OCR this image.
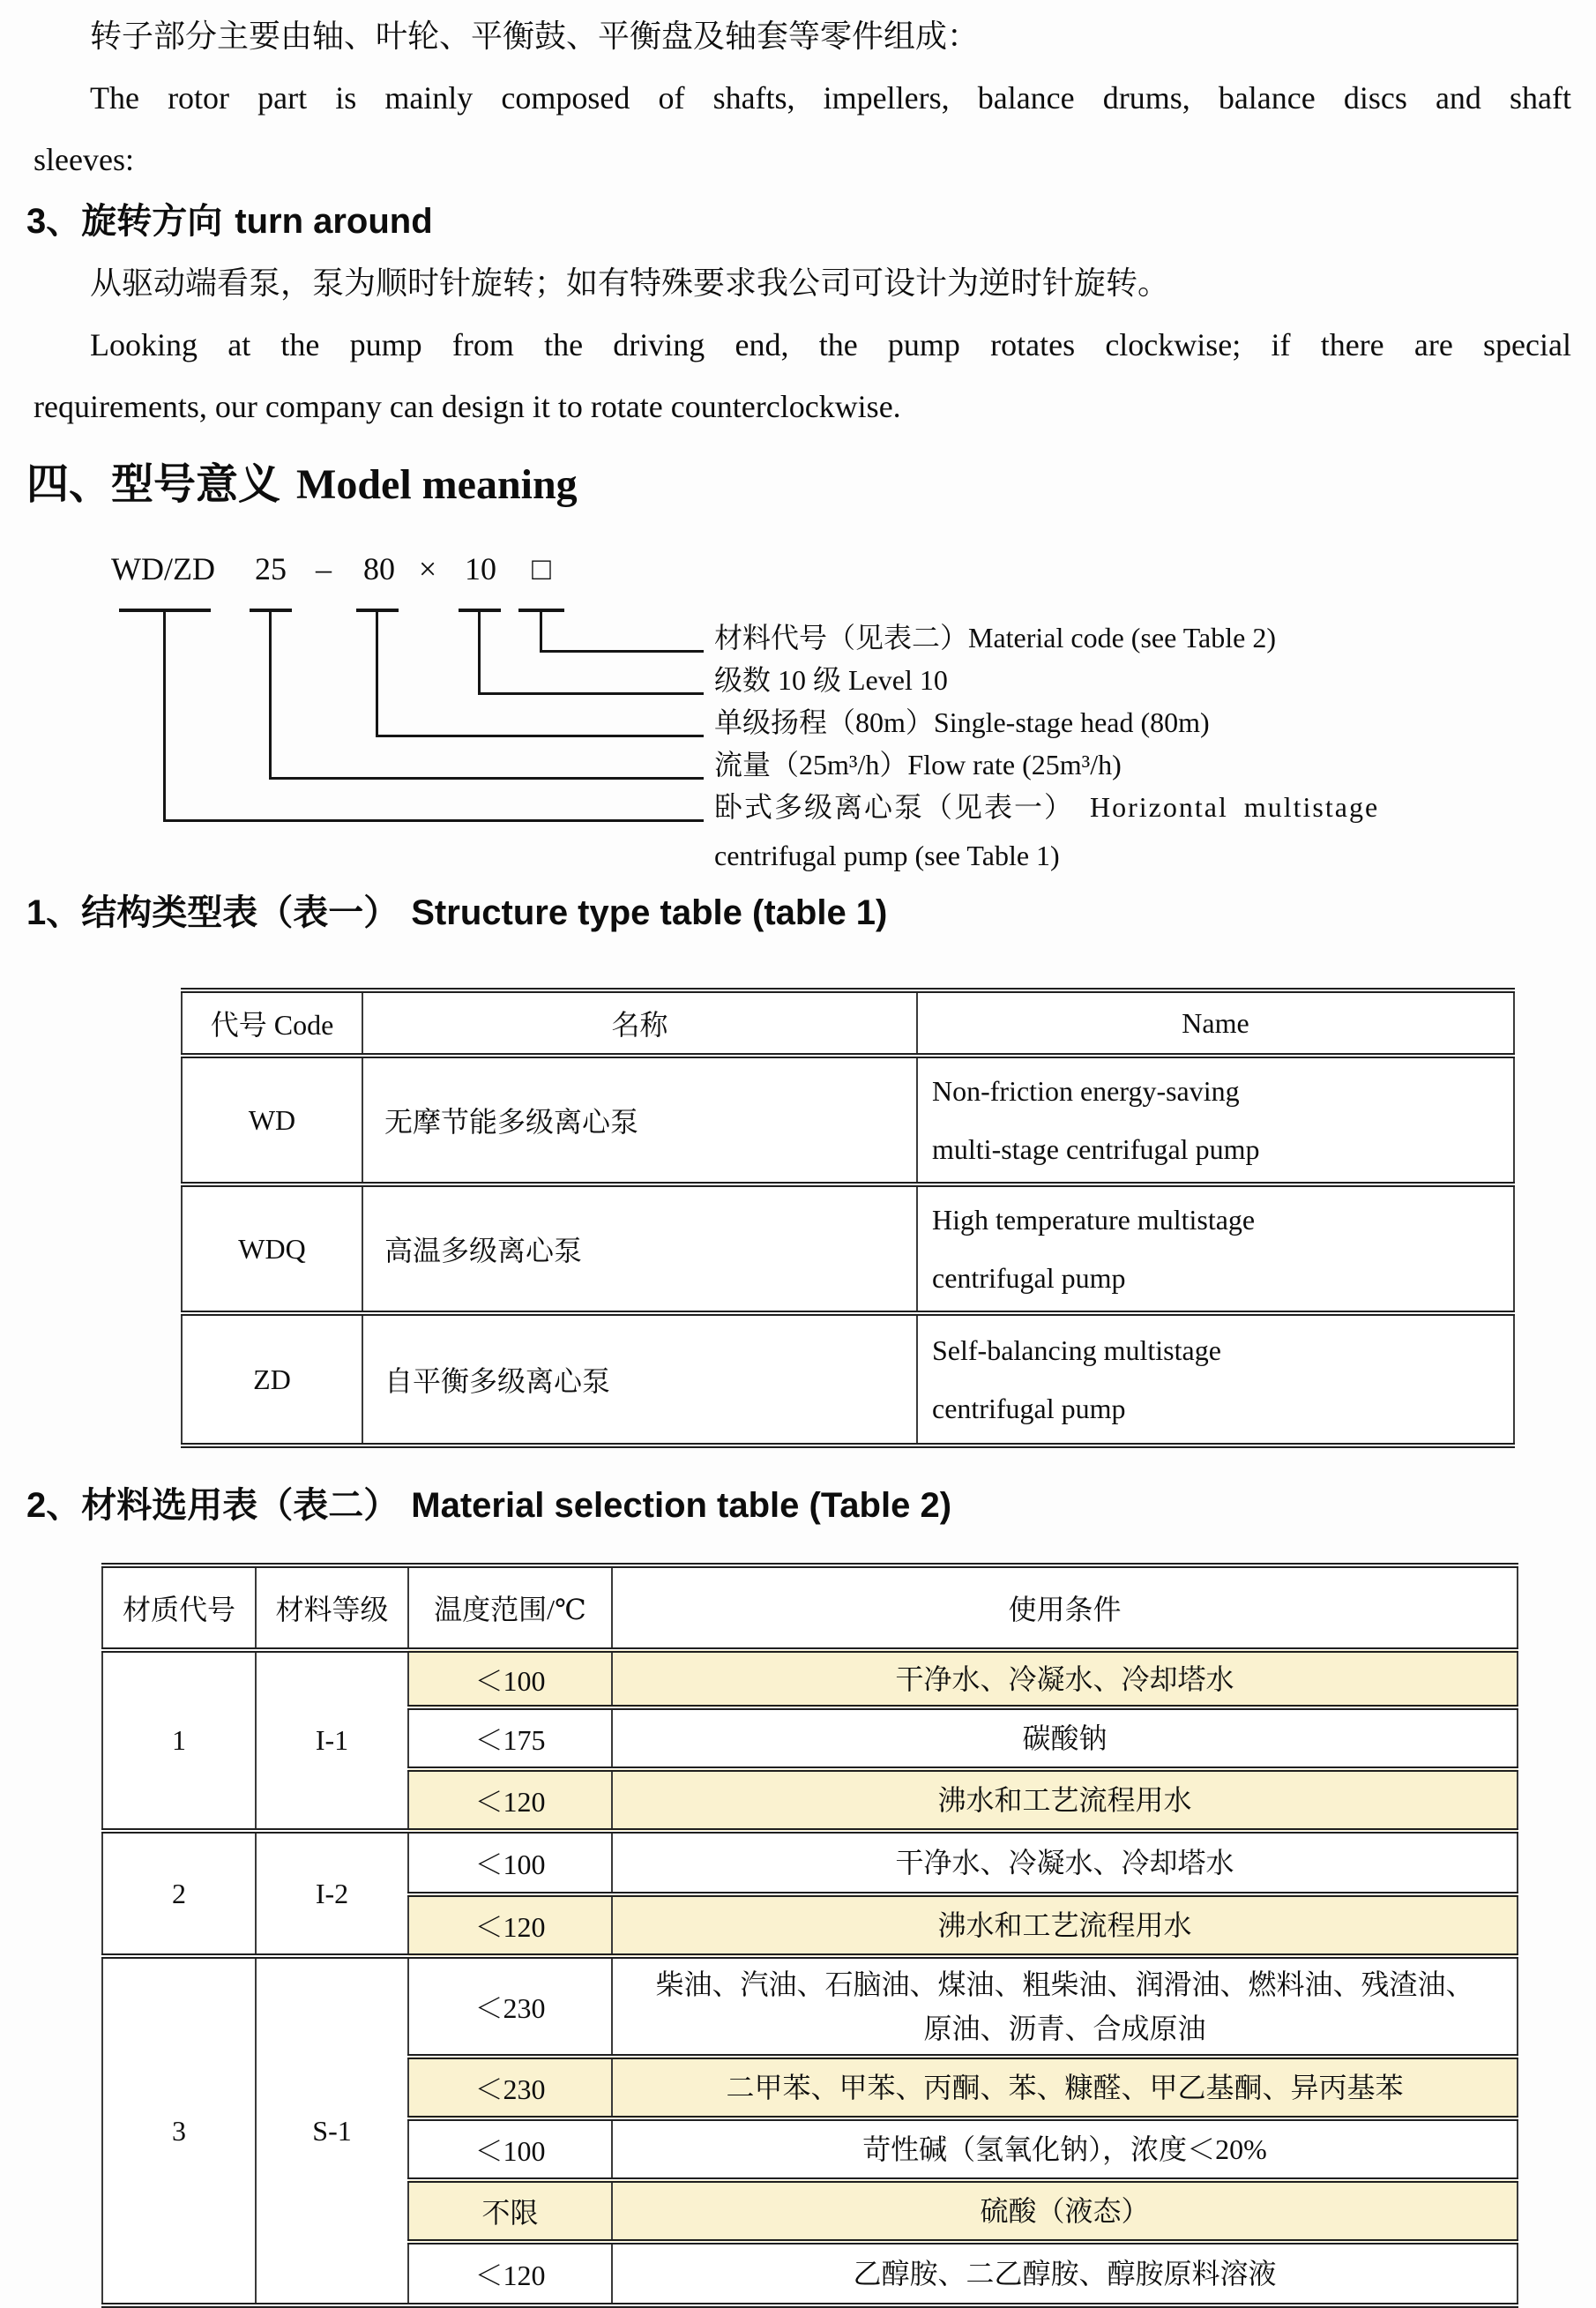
转子部分主要由轴、叶轮、平衡鼓、平衡盘及轴套等零件组成：
The rotor part is mainly composed of shafts, impellers, balance drums, balance discs and shaft
sleeves:
3、旋转方向 turn around
从驱动端看泵，泵为顺时针旋转；如有特殊要求我公司可设计为逆时针旋转。
Looking at the pump from the driving end, the pump rotates clockwise; if there are special
requirements, our company can design it to rotate counterclockwise.
四、型号意义 Model meaning
WD/ZD 25 –	80 × 10	□
材料代号（见表二）Material code (see Table 2)
级数 10 级 Level 10
单级扬程（80m）Single-stage head (80m)
流量（25m³/h）Flow rate (25m³/h)
卧式多级离心泵（见表一） Horizontal multistage
centrifugal pump (see Table 1)
1、结构类型表（表一） Structure type table (table 1)
代号 Code	名称	Name
WD	无摩节能多级离心泵	Non-friction energy-saving
multi-stage centrifugal pump

WDQ	高温多级离心泵	High temperature multistage
centrifugal pump

ZD	自平衡多级离心泵	Self-balancing multistage
centrifugal pump
2、材料选用表（表二） Material selection table (Table 2)
材质代号	材料等级	温度范围/℃	使用条件
1	I-1	＜100	干净水、冷凝水、冷却塔水
		＜175	碳酸钠
		＜120	沸水和工艺流程用水
2	I-2	＜100	干净水、冷凝水、冷却塔水
		＜120	沸水和工艺流程用水
3	S-1	＜230	柴油、汽油、石脑油、煤油、粗柴油、润滑油、燃料油、残渣油、原油、沥青、合成原油
		＜230	二甲苯、甲苯、丙酮、苯、糠醛、甲乙基酮、异丙基苯
		＜100	苛性碱（氢氧化钠），浓度＜20%
		不限	硫酸（液态）
		＜120	乙醇胺、二乙醇胺、醇胺原料溶液
